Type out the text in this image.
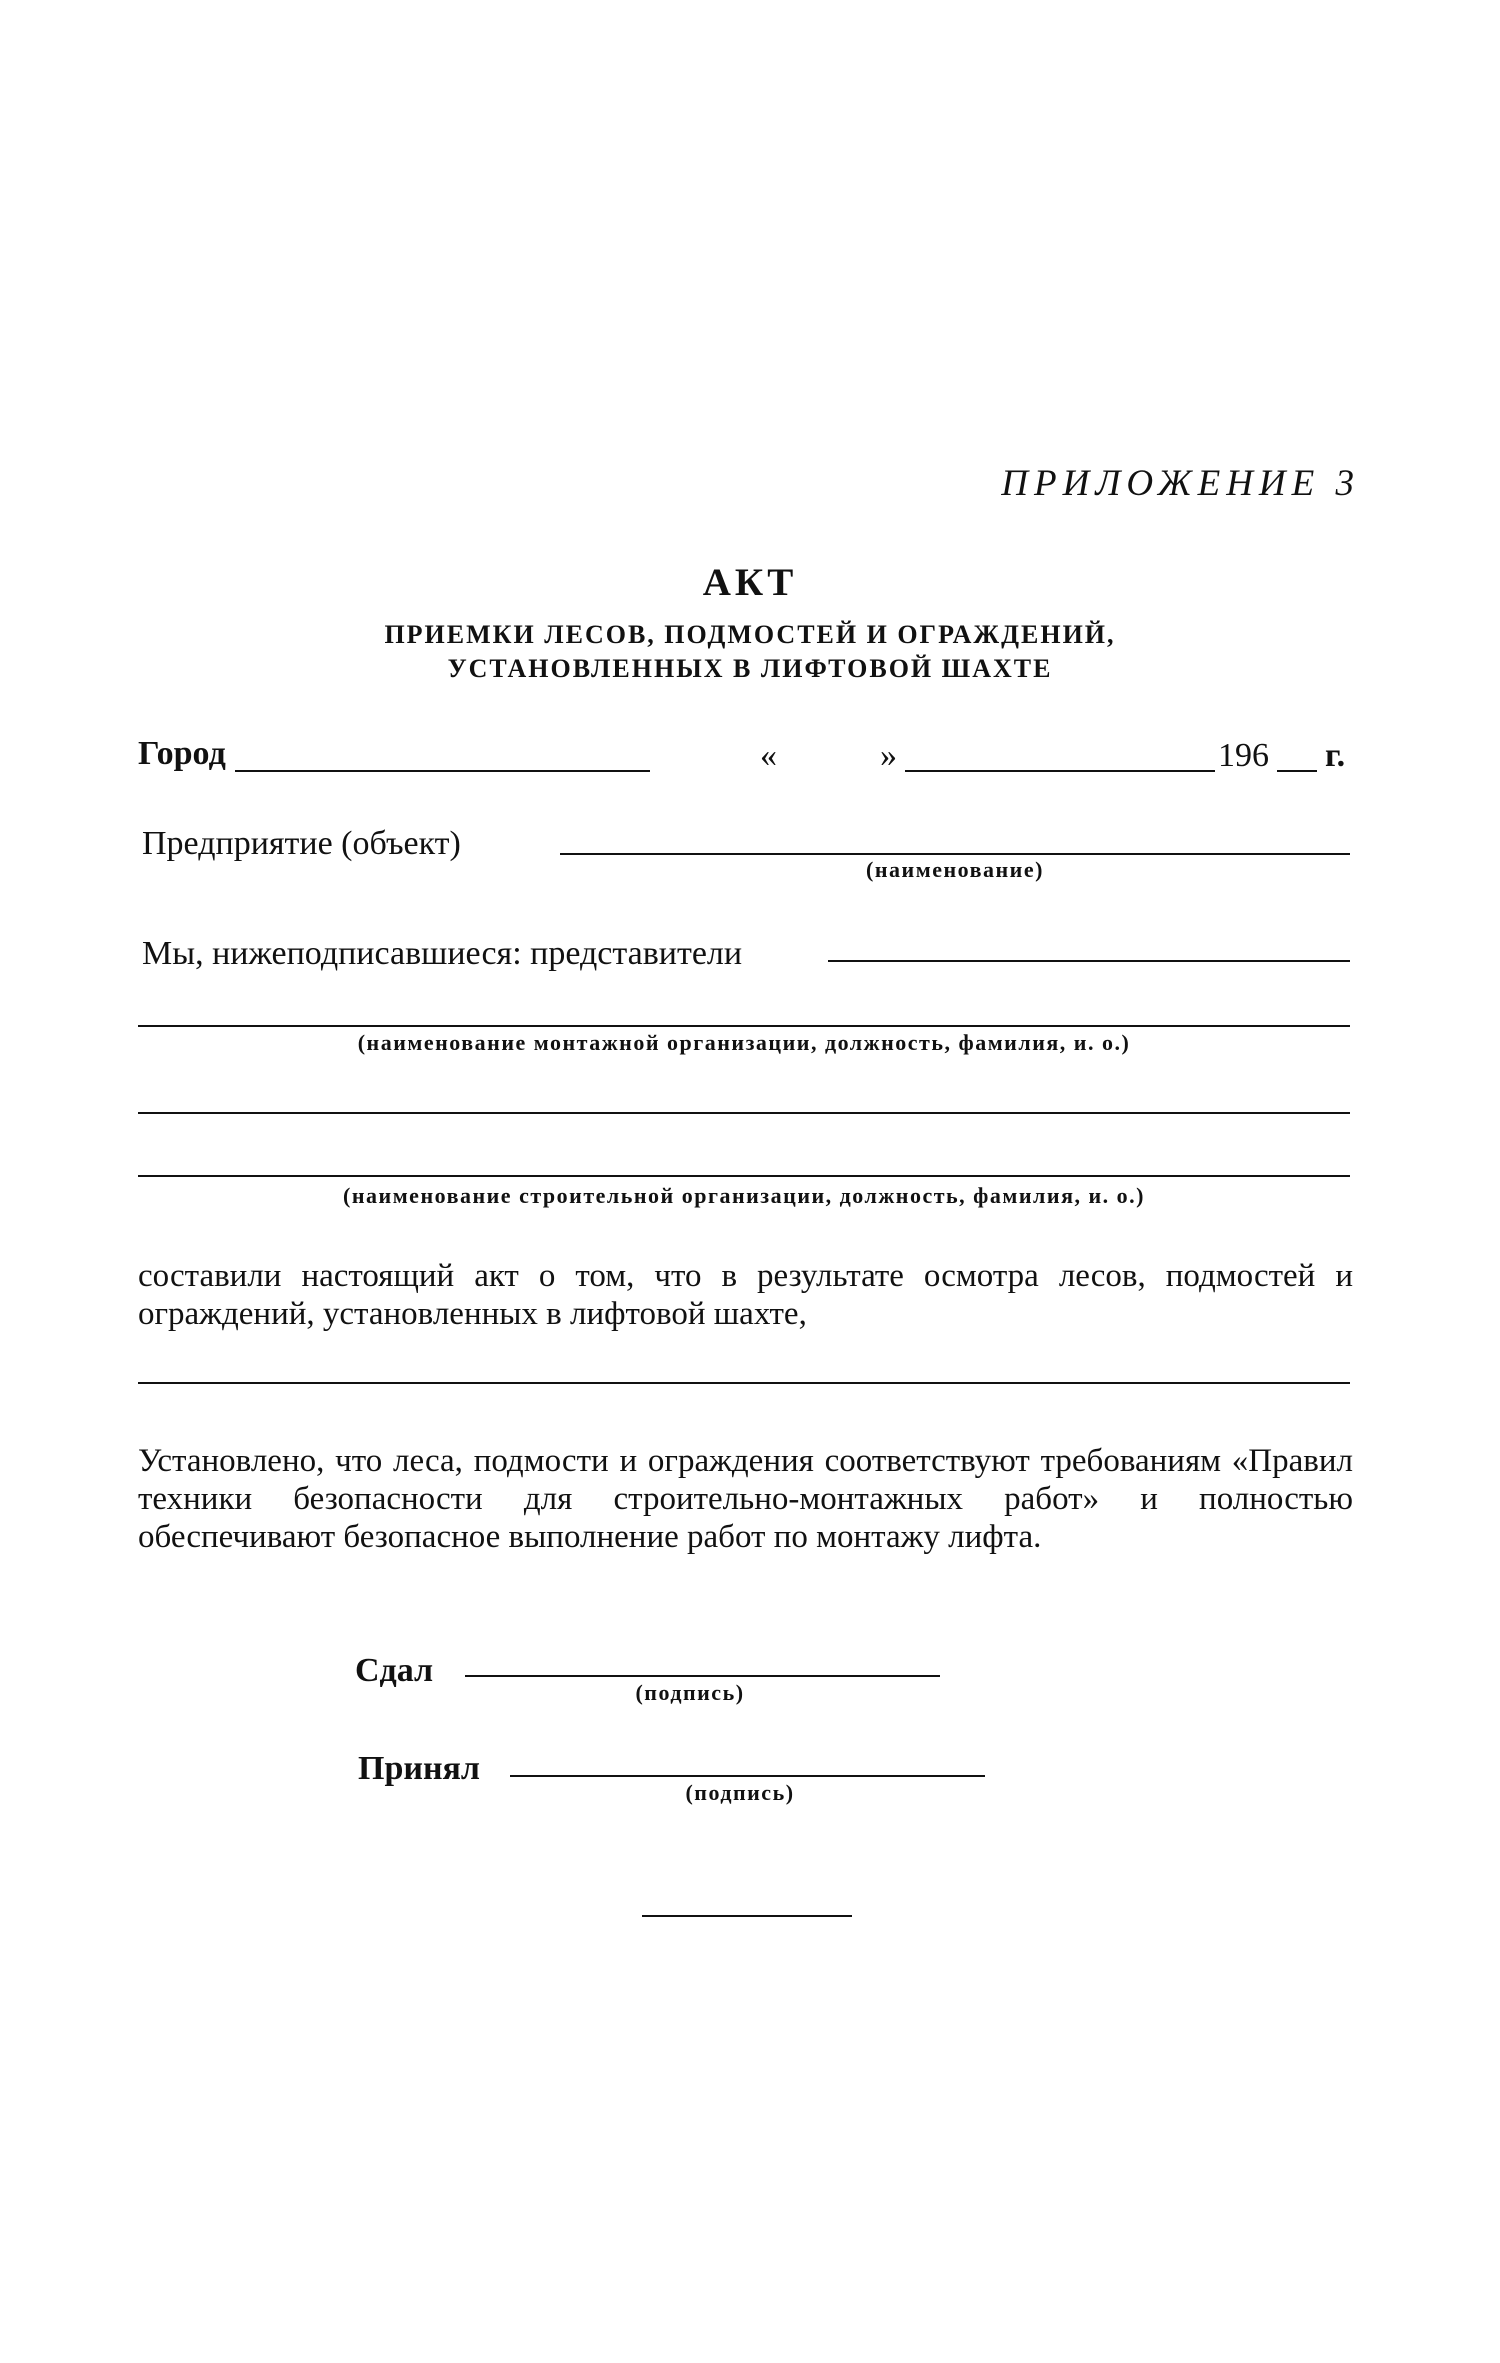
ПРИЛОЖЕНИЕ 3
АКТ
ПРИЕМКИ ЛЕСОВ, ПОДМОСТЕЙ И ОГРАЖДЕНИЙ,
УСТАНОВЛЕННЫХ В ЛИФТОВОЙ ШАХТЕ
Город	«	»	196 г.
Предприятие (объект)
(наименование)
Мы, нижеподписавшиеся: представители
(наименование монтажной организации, должность, фамилия, и. о.)
(наименование строительной организации, должность, фамилия, и. о.)
составили настоящий акт о том, что в результате осмотра лесов, подмостей и ограждений, установленных в лифтовой шахте,
Установлено, что леса, подмости и ограждения соответствуют требованиям «Правил техники безопасности для строительно-монтажных работ» и полностью обеспечивают безопасное выполнение работ по монтажу лифта.
Сдал
(подпись)
Принял
(подпись)
